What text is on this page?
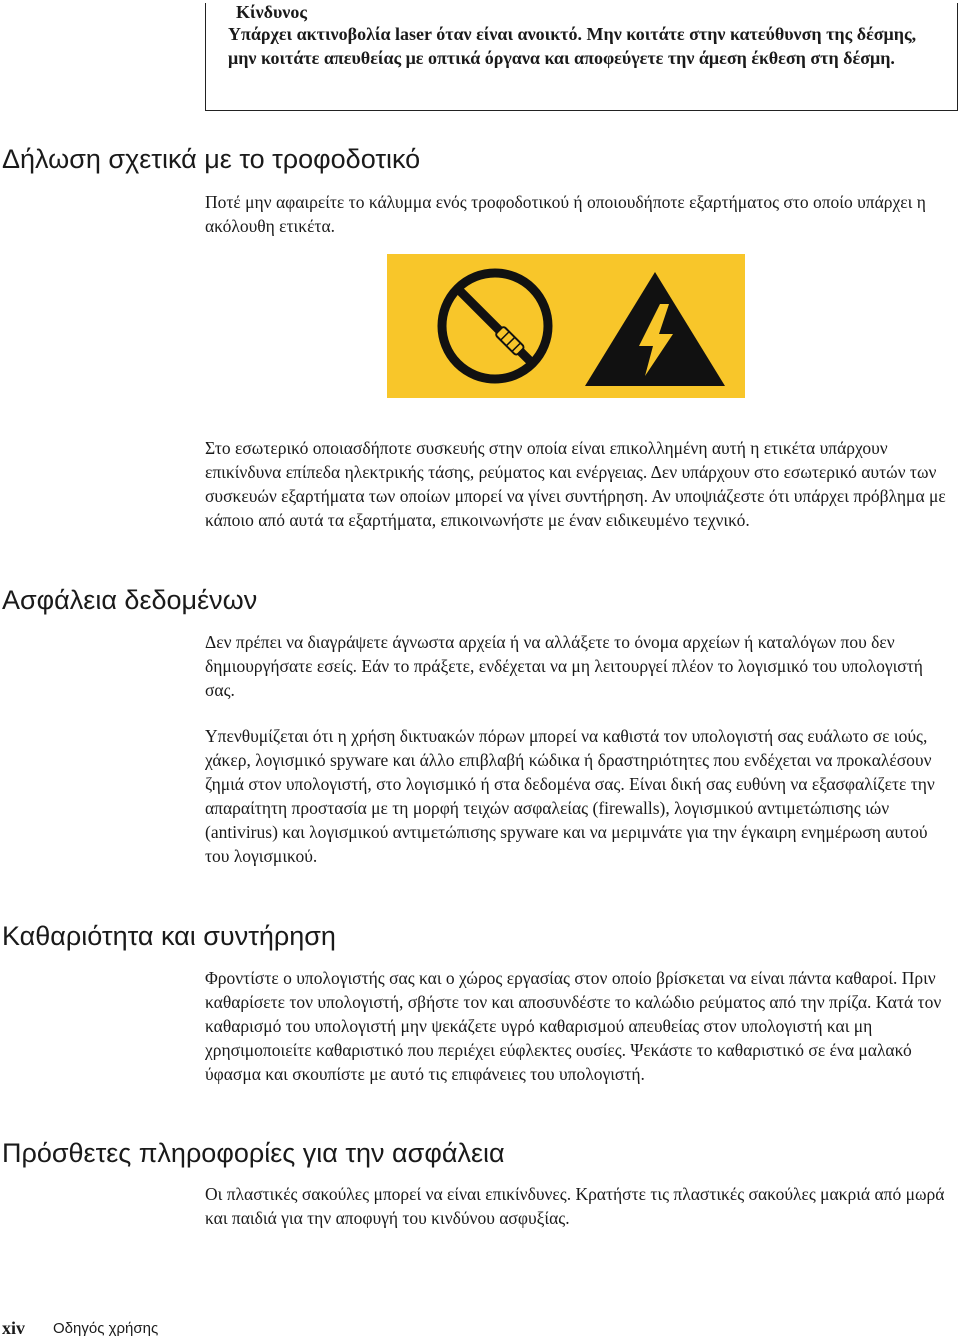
Κίνδυνος

Υπάρχει ακτινοβολία laser όταν είναι ανοικτό. Μην κοιτάτε στην κατεύθυνση της δέσμης, μην κοιτάτε απευθείας με οπτικά όργανα και αποφεύγετε την άμεση έκθεση στη δέσμη.

Δήλωση σχετικά με το τροφοδοτικό

Ποτέ μην αφαιρείτε το κάλυμμα ενός τροφοδοτικού ή οποιουδήποτε εξαρτήματος στο οποίο υπάρχει η ακόλουθη ετικέτα.

Στο εσωτερικό οποιασδήποτε συσκευής στην οποία είναι επικολλημένη αυτή η ετικέτα υπάρχουν επικίνδυνα επίπεδα ηλεκτρικής τάσης, ρεύματος και ενέργειας. Δεν υπάρχουν στο εσωτερικό αυτών των συσκευών εξαρτήματα των οποίων μπορεί να γίνει συντήρηση. Αν υποψιάζεστε ότι υπάρχει πρόβλημα με κάποιο από αυτά τα εξαρτήματα, επικοινωνήστε με έναν ειδικευμένο τεχνικό.

Ασφάλεια δεδομένων

Δεν πρέπει να διαγράψετε άγνωστα αρχεία ή να αλλάξετε το όνομα αρχείων ή καταλόγων που δεν δημιουργήσατε εσείς. Εάν το πράξετε, ενδέχεται να μη λειτουργεί πλέον το λογισμικό του υπολογιστή σας.

Υπενθυμίζεται ότι η χρήση δικτυακών πόρων μπορεί να καθιστά τον υπολογιστή σας ευάλωτο σε ιούς, χάκερ, λογισμικό spyware και άλλο επιβλαβή κώδικα ή δραστηριότητες που ενδέχεται να προκαλέσουν ζημιά στον υπολογιστή, στο λογισμικό ή στα δεδομένα σας. Είναι δική σας ευθύνη να εξασφαλίζετε την απαραίτητη προστασία με τη μορφή τειχών ασφαλείας (firewalls), λογισμικού αντιμετώπισης ιών (antivirus) και λογισμικού αντιμετώπισης spyware και να μεριμνάτε για την έγκαιρη ενημέρωση αυτού του λογισμικού.

Καθαριότητα και συντήρηση

Φροντίστε ο υπολογιστής σας και ο χώρος εργασίας στον οποίο βρίσκεται να είναι πάντα καθαροί. Πριν καθαρίσετε τον υπολογιστή, σβήστε τον και αποσυνδέστε το καλώδιο ρεύματος από την πρίζα. Κατά τον καθαρισμό του υπολογιστή μην ψεκάζετε υγρό καθαρισμού απευθείας στον υπολογιστή και μη χρησιμοποιείτε καθαριστικό που περιέχει εύφλεκτες ουσίες. Ψεκάστε το καθαριστικό σε ένα μαλακό ύφασμα και σκουπίστε με αυτό τις επιφάνειες του υπολογιστή.

Πρόσθετες πληροφορίες για την ασφάλεια

Οι πλαστικές σακούλες μπορεί να είναι επικίνδυνες. Κρατήστε τις πλαστικές σακούλες μακριά από μωρά και παιδιά για την αποφυγή του κινδύνου ασφυξίας.

xiv Οδηγός χρήσης
